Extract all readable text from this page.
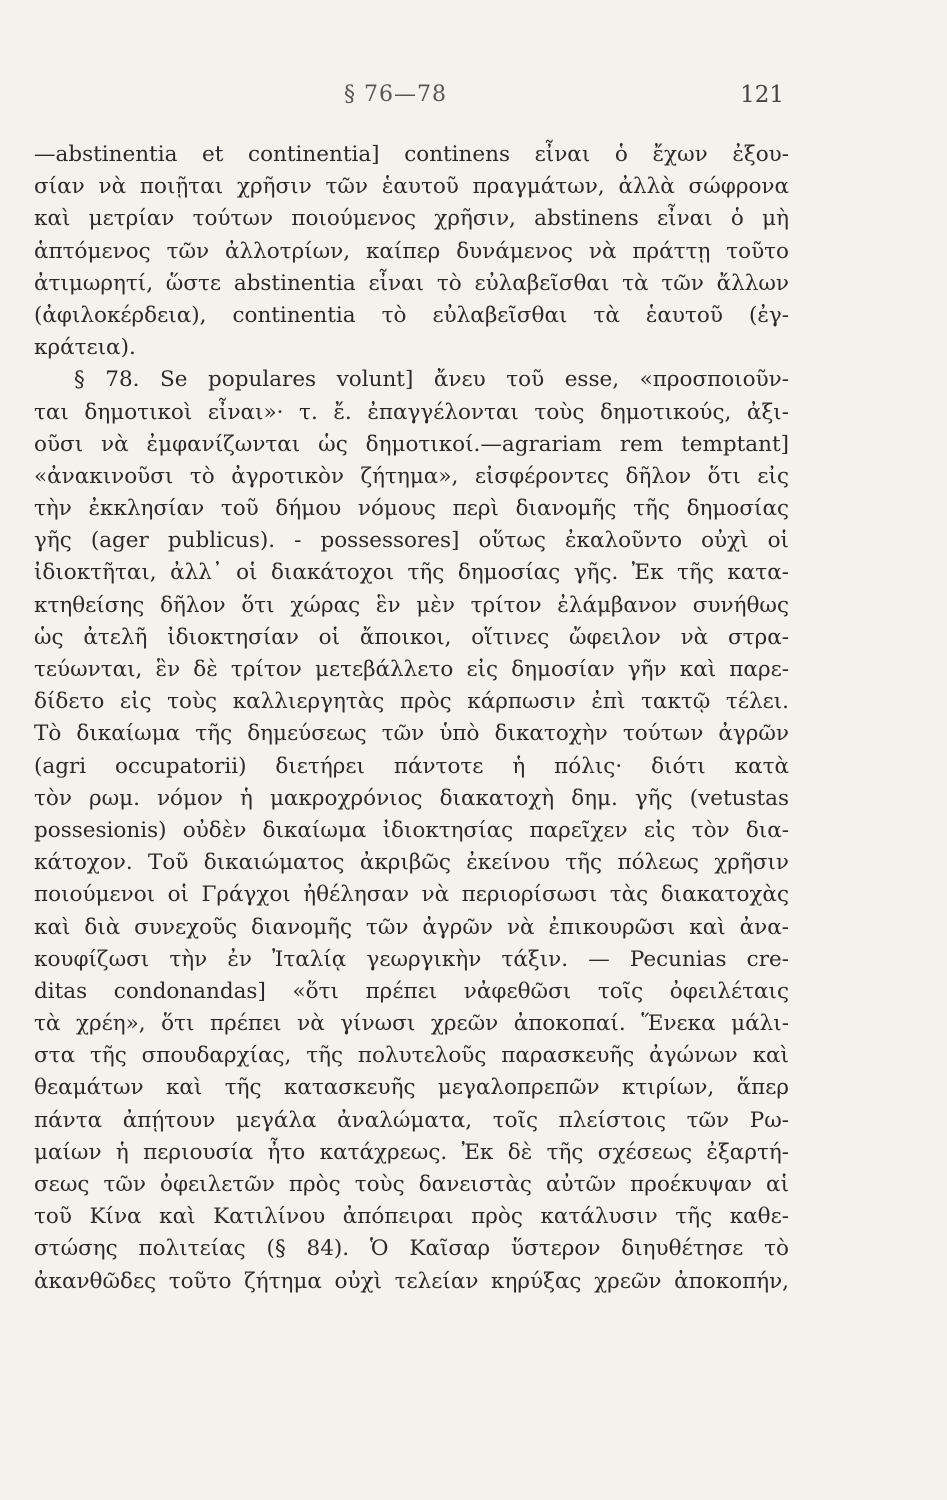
§ 76—78	121
—abstinentia et continentia] continens εἶναι ὁ ἔχων ἐξου-
σίαν νὰ ποιῇται χρῆσιν τῶν ἑαυτοῦ πραγμάτων, ἀλλὰ σώφρονα
καὶ μετρίαν τούτων ποιούμενος χρῆσιν, abstinens εἶναι ὁ μὴ
ἁπτόμενος τῶν ἀλλοτρίων, καίπερ δυνάμενος νὰ πράττῃ τοῦτο
ἀτιμωρητί, ὥστε abstinentia εἶναι τὸ εὐλαβεῖσθαι τὰ τῶν ἄλλων
(ἀφιλοκέρδεια), continentia τὸ εὐλαβεῖσθαι τὰ ἑαυτοῦ (ἐγ-
κράτεια).
§ 78. Se populares volunt] ἄνευ τοῦ esse, «προσποιοῦν-
ται δημοτικοὶ εἶναι»· τ. ἔ. ἐπαγγέλονται τοὺς δημοτικούς, ἀξι-
οῦσι νὰ ἐμφανίζωνται ὡς δημοτικοί.—agrariam rem temptant]
«ἀνακινοῦσι τὸ ἀγροτικὸν ζήτημα», εἰσφέροντες δῆλον ὅτι εἰς
τὴν ἐκκλησίαν τοῦ δήμου νόμους περὶ διανομῆς τῆς δημοσίας
γῆς (ager publicus). - possessores] οὕτως ἐκαλοῦντο οὐχὶ οἱ
ἰδιοκτῆται, ἀλλ᾽ οἱ διακάτοχοι τῆς δημοσίας γῆς. Ἐκ τῆς κατα-
κτηθείσης δῆλον ὅτι χώρας ἓν μὲν τρίτον ἐλάμβανον συνήθως
ὡς ἀτελῆ ἰδιοκτησίαν οἱ ἄποικοι, οἵτινες ὤφειλον νὰ στρα-
τεύωνται, ἓν δὲ τρίτον μετεβάλλετο εἰς δημοσίαν γῆν καὶ παρε-
δίδετο εἰς τοὺς καλλιεργητὰς πρὸς κάρπωσιν ἐπὶ τακτῷ τέλει.
Τὸ δικαίωμα τῆς δημεύσεως τῶν ὑπὸ δικατοχὴν τούτων ἀγρῶν
(agri occupatorii) διετήρει πάντοτε ἡ πόλις· διότι κατὰ
τὸν ρωμ. νόμον ἡ μακροχρόνιος διακατοχὴ δημ. γῆς (vetustas
possesionis) οὐδὲν δικαίωμα ἰδιοκτησίας παρεῖχεν εἰς τὸν δια-
κάτοχον. Τοῦ δικαιώματος ἀκριβῶς ἐκείνου τῆς πόλεως χρῆσιν
ποιούμενοι οἱ Γράγχοι ἠθέλησαν νὰ περιορίσωσι τὰς διακατοχὰς
καὶ διὰ συνεχοῦς διανομῆς τῶν ἀγρῶν νὰ ἐπικουρῶσι καὶ ἀνα-
κουφίζωσι τὴν ἐν Ἰταλίᾳ γεωργικὴν τάξιν. — Pecunias cre-
ditas condonandas] «ὅτι πρέπει νἀφεθῶσι τοῖς ὀφειλέταις
τὰ χρέη», ὅτι πρέπει νὰ γίνωσι χρεῶν ἀποκοπαί. Ἕνεκα μάλι-
στα τῆς σπουδαρχίας, τῆς πολυτελοῦς παρασκευῆς ἀγώνων καὶ
θεαμάτων καὶ τῆς κατασκευῆς μεγαλοπρεπῶν κτιρίων, ἅπερ
πάντα ἀπῄτουν μεγάλα ἀναλώματα, τοῖς πλείστοις τῶν Ρω-
μαίων ἡ περιουσία ἦτο κατάχρεως. Ἐκ δὲ τῆς σχέσεως ἐξαρτή-
σεως τῶν ὀφειλετῶν πρὸς τοὺς δανειστὰς αὐτῶν προέκυψαν αἱ
τοῦ Κίνα καὶ Κατιλίνου ἀπόπειραι πρὸς κατάλυσιν τῆς καθε-
στώσης πολιτείας (§ 84). Ὁ Καῖσαρ ὕστερον διηυθέτησε τὸ
ἀκανθῶδες τοῦτο ζήτημα οὐχὶ τελείαν κηρύξας χρεῶν ἀποκοπήν,
